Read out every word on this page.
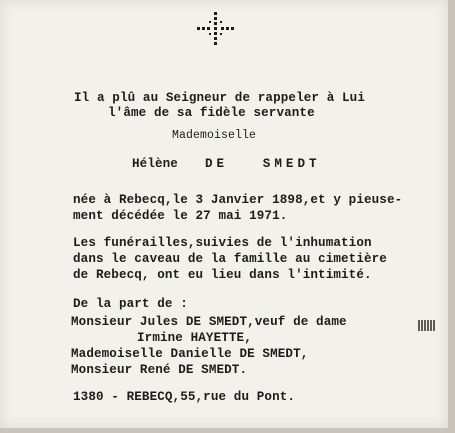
Il a plû au Seigneur de rappeler à Lui
l'âme de sa fidèle servante
Mademoiselle
Hélène DE   SMEDT
née à Rebecq,le 3 Janvier 1898,et y pieuse-
ment décédée le 27 mai 1971.
Les funérailles,suivies de l'inhumation
dans le caveau de la famille au cimetière
de Rebecq, ont eu lieu dans l'intimité.
De la part de :
Monsieur Jules DE SMEDT,veuf de dame
Irmine HAYETTE,
Mademoiselle Danielle DE SMEDT,
Monsieur René DE SMEDT.
1380 - REBECQ,55,rue du Pont.
